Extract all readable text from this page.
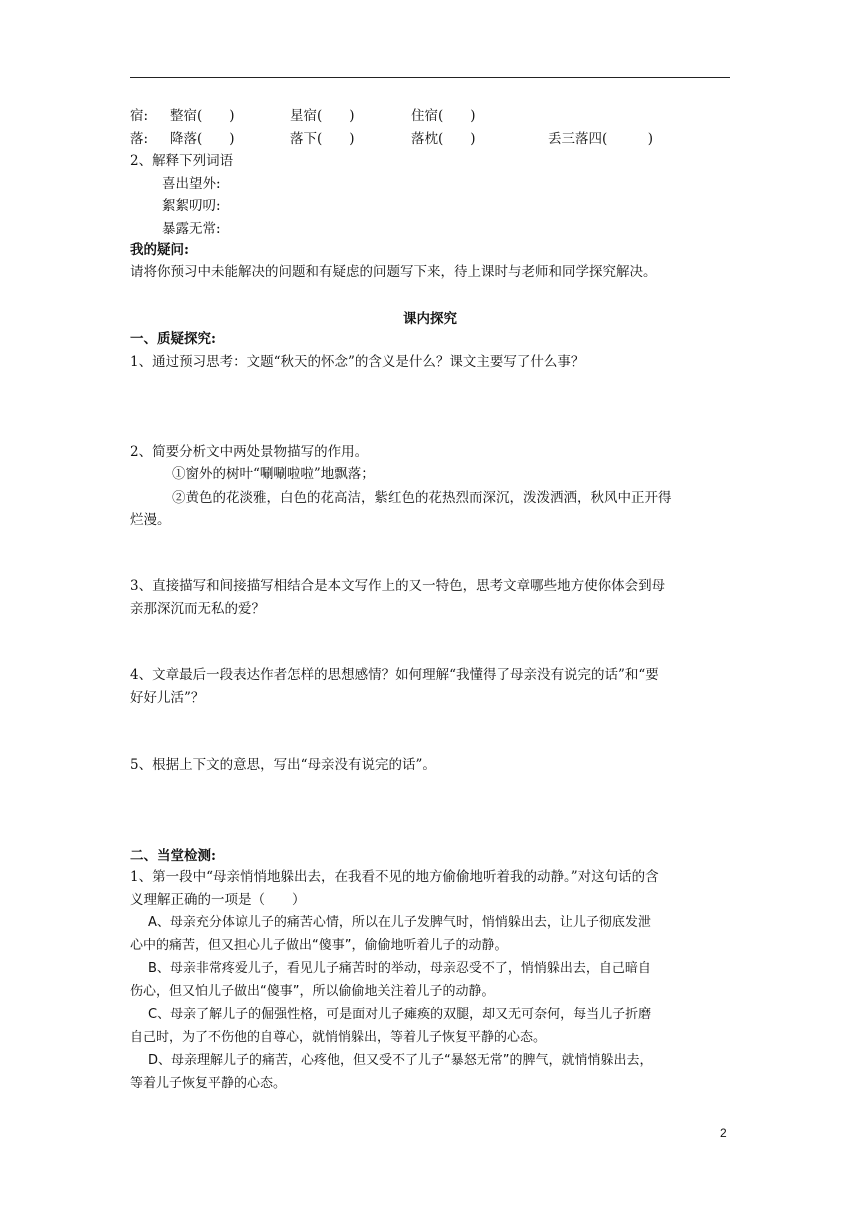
宿: 整宿(　　)	星宿(　　)	住宿(　　)
落: 降落(　　)	落下(　　)	落枕(　　)	丢三落四(　　　)
2、解释下列词语
喜出望外:
絮絮叨叨:
暴露无常:
我的疑问:
请将你预习中未能解决的问题和有疑虑的问题写下来，待上课时与老师和同学探究解决。
课内探究
一、质疑探究:
1、通过预习思考：文题“秋天的怀念”的含义是什么？课文主要写了什么事？
2、简要分析文中两处景物描写的作用。
①窗外的树叶“唰唰啦啦”地飘落；
②黄色的花淡雅，白色的花高洁，紫红色的花热烈而深沉，泼泼洒洒，秋风中正开得
烂漫。
3、直接描写和间接描写相结合是本文写作上的又一特色，思考文章哪些地方使你体会到母
亲那深沉而无私的爱？
4、文章最后一段表达作者怎样的思想感情？如何理解“我懂得了母亲没有说完的话”和“要
好好儿活”？
5、根据上下文的意思，写出“母亲没有说完的话”。
二、当堂检测:
1、第一段中“母亲悄悄地躲出去，在我看不见的地方偷偷地听着我的动静。”对这句话的含
义理解正确的一项是（　　）
A、母亲充分体谅儿子的痛苦心情，所以在儿子发脾气时，悄悄躲出去，让儿子彻底发泄
心中的痛苦，但又担心儿子做出“傻事”，偷偷地听着儿子的动静。
B、母亲非常疼爱儿子，看见儿子痛苦时的举动，母亲忍受不了，悄悄躲出去，自己暗自
伤心，但又怕儿子做出“傻事”，所以偷偷地关注着儿子的动静。
C、母亲了解儿子的倔强性格，可是面对儿子瘫痪的双腿，却又无可奈何，每当儿子折磨
自己时，为了不伤他的自尊心，就悄悄躲出，等着儿子恢复平静的心态。
D、母亲理解儿子的痛苦，心疼他，但又受不了儿子“暴怒无常”的脾气，就悄悄躲出去，
等着儿子恢复平静的心态。
2
